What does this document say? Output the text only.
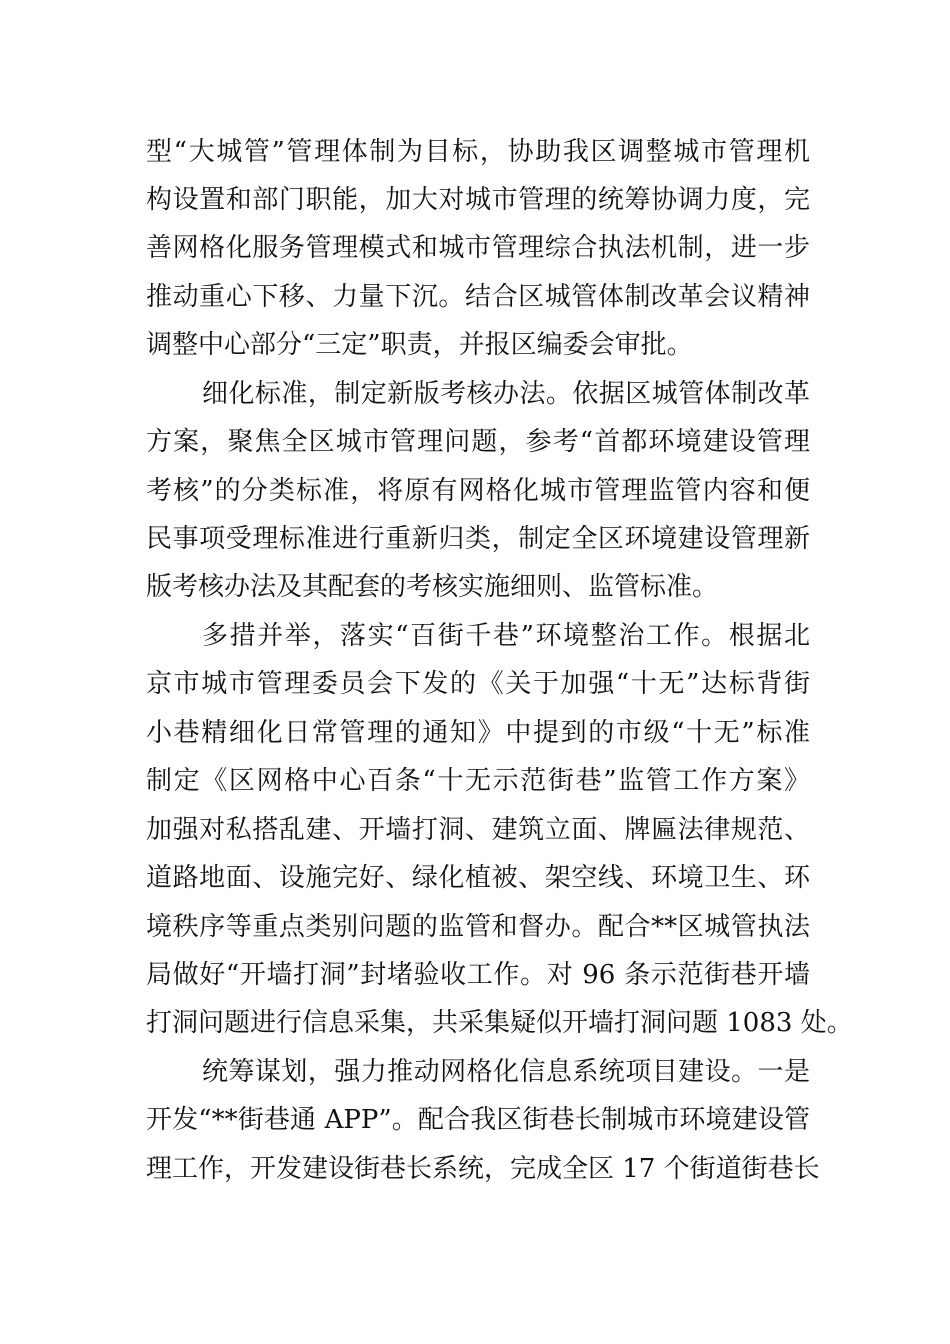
型“大城管”管理体制为目标，协助我区调整城市管理机
构设置和部门职能，加大对城市管理的统筹协调力度，完
善网格化服务管理模式和城市管理综合执法机制，进一步
推动重心下移、力量下沉。结合区城管体制改革会议精神
调整中心部分“三定”职责，并报区编委会审批。
细化标准，制定新版考核办法。依据区城管体制改革
方案，聚焦全区城市管理问题，参考“首都环境建设管理
考核”的分类标准，将原有网格化城市管理监管内容和便
民事项受理标准进行重新归类，制定全区环境建设管理新
版考核办法及其配套的考核实施细则、监管标准。
多措并举，落实“百街千巷”环境整治工作。根据北
京市城市管理委员会下发的《关于加强“十无”达标背街
小巷精细化日常管理的通知》中提到的市级“十无”标准
制定《区网格中心百条“十无示范街巷”监管工作方案》
加强对私搭乱建、开墙打洞、建筑立面、牌匾法律规范、
道路地面、设施完好、绿化植被、架空线、环境卫生、环
境秩序等重点类别问题的监管和督办。配合**区城管执法
局做好“开墙打洞”封堵验收工作。对 96 条示范街巷开墙
打洞问题进行信息采集，共采集疑似开墙打洞问题 1083 处。
统筹谋划，强力推动网格化信息系统项目建设。一是
开发“**街巷通 APP”。配合我区街巷长制城市环境建设管
理工作，开发建设街巷长系统，完成全区 17 个街道街巷长
